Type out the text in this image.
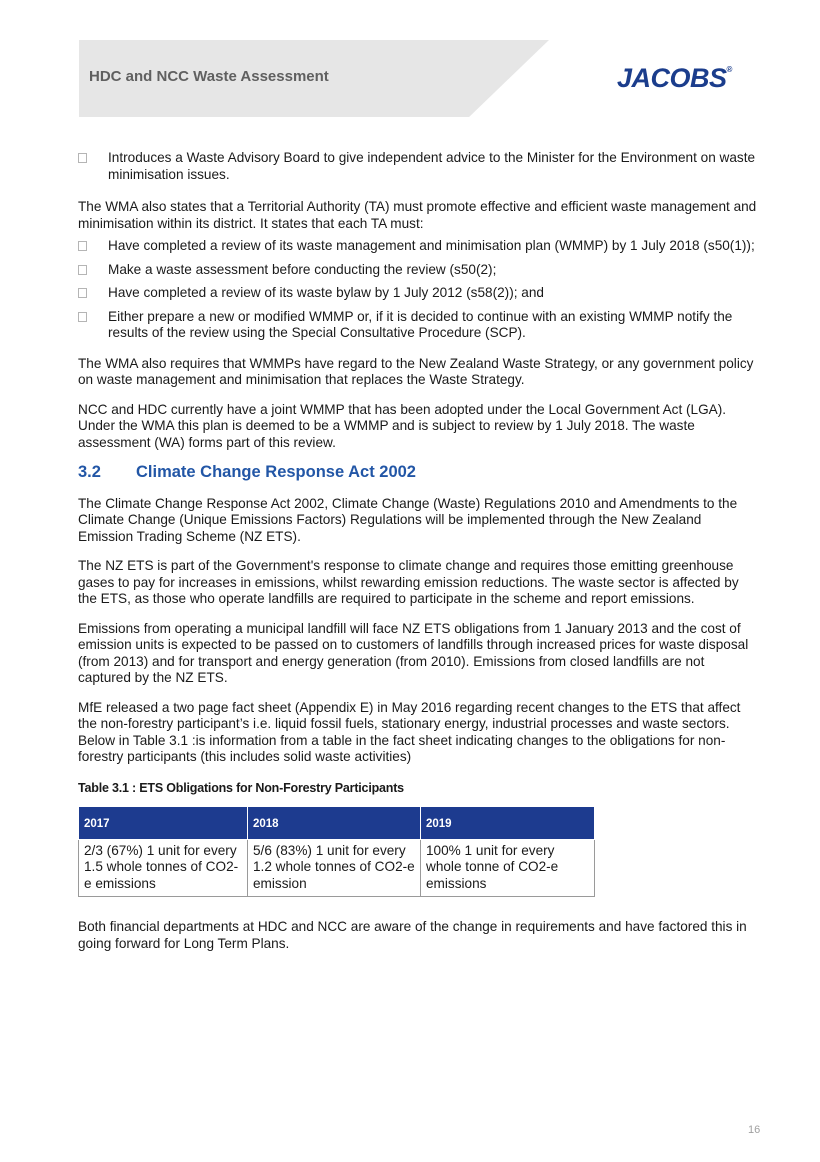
HDC and NCC Waste Assessment	JACOBS®
Introduces a Waste Advisory Board to give independent advice to the Minister for the Environment on waste minimisation issues.

The WMA also states that a Territorial Authority (TA) must promote effective and efficient waste management and minimisation within its district. It states that each TA must:

Have completed a review of its waste management and minimisation plan (WMMP) by 1 July 2018 (s50(1));
Make a waste assessment before conducting the review (s50(2);
Have completed a review of its waste bylaw by 1 July 2012 (s58(2)); and
Either prepare a new or modified WMMP or, if it is decided to continue with an existing WMMP notify the results of the review using the Special Consultative Procedure (SCP).

The WMA also requires that WMMPs have regard to the New Zealand Waste Strategy, or any government policy on waste management and minimisation that replaces the Waste Strategy.

NCC and HDC currently have a joint WMMP that has been adopted under the Local Government Act (LGA). Under the WMA this plan is deemed to be a WMMP and is subject to review by 1 July 2018. The waste assessment (WA) forms part of this review.

3.2 Climate Change Response Act 2002

The Climate Change Response Act 2002, Climate Change (Waste) Regulations 2010 and Amendments to the Climate Change (Unique Emissions Factors) Regulations will be implemented through the New Zealand Emission Trading Scheme (NZ ETS).

The NZ ETS is part of the Government's response to climate change and requires those emitting greenhouse gases to pay for increases in emissions, whilst rewarding emission reductions. The waste sector is affected by the ETS, as those who operate landfills are required to participate in the scheme and report emissions.

Emissions from operating a municipal landfill will face NZ ETS obligations from 1 January 2013 and the cost of emission units is expected to be passed on to customers of landfills through increased prices for waste disposal (from 2013) and for transport and energy generation (from 2010). Emissions from closed landfills are not captured by the NZ ETS.

MfE released a two page fact sheet (Appendix E) in May 2016 regarding recent changes to the ETS that affect the non-forestry participant’s i.e. liquid fossil fuels, stationary energy, industrial processes and waste sectors. Below in Table 3.1 :is information from a table in the fact sheet indicating changes to the obligations for non-forestry participants (this includes solid waste activities)

Table 3.1 : ETS Obligations for Non-Forestry Participants
2017	2018	2019
2/3 (67%) 1 unit for every 1.5 whole tonnes of CO2-e emissions	5/6 (83%) 1 unit for every 1.2 whole tonnes of CO2-e emission	100% 1 unit for every whole tonne of CO2-e emissions

Both financial departments at HDC and NCC are aware of the change in requirements and have factored this in going forward for Long Term Plans.

16
